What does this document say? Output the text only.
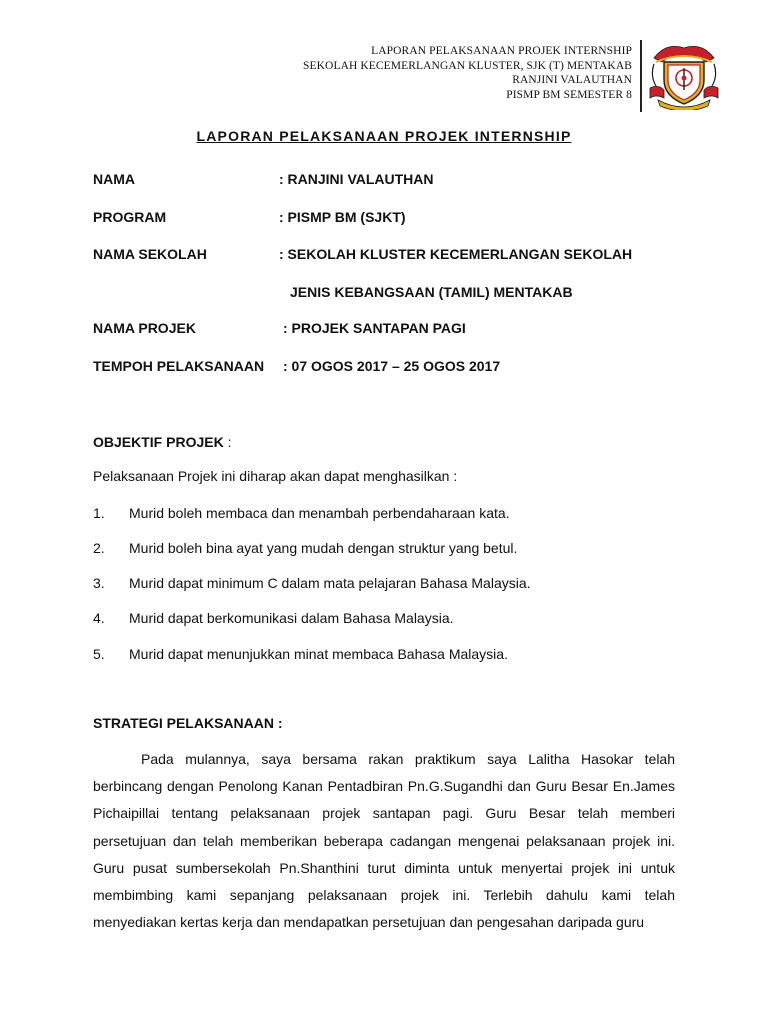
LAPORAN PELAKSANAAN PROJEK INTERNSHIP
SEKOLAH KECEMERLANGAN KLUSTER, SJK (T) MENTAKAB
RANJINI VALAUTHAN
PISMP BM SEMESTER 8
LAPORAN PELAKSANAAN PROJEK INTERNSHIP
NAMA	: RANJINI VALAUTHAN
PROGRAM	: PISMP BM (SJKT)
NAMA SEKOLAH	: SEKOLAH KLUSTER KECEMERLANGAN SEKOLAH
JENIS KEBANGSAAN (TAMIL) MENTAKAB
NAMA PROJEK	: PROJEK SANTAPAN PAGI
TEMPOH PELAKSANAAN : 07 OGOS 2017 – 25 OGOS 2017
OBJEKTIF PROJEK :
Pelaksanaan Projek ini diharap akan dapat menghasilkan :
1. Murid boleh membaca dan menambah perbendaharaan kata.
2. Murid boleh bina ayat yang mudah dengan struktur yang betul.
3. Murid dapat minimum C dalam mata pelajaran Bahasa Malaysia.
4. Murid dapat berkomunikasi dalam Bahasa Malaysia.
5. Murid dapat menunjukkan minat membaca Bahasa Malaysia.
STRATEGI PELAKSANAAN :

Pada mulannya, saya bersama rakan praktikum saya Lalitha Hasokar telah berbincang dengan Penolong Kanan Pentadbiran Pn.G.Sugandhi dan Guru Besar En.James Pichaipillai tentang pelaksanaan projek santapan pagi. Guru Besar telah memberi persetujuan dan telah memberikan beberapa cadangan mengenai pelaksanaan projek ini. Guru pusat sumbersekolah Pn.Shanthini turut diminta untuk menyertai projek ini untuk membimbing kami sepanjang pelaksanaan projek ini. Terlebih dahulu kami telah menyediakan kertas kerja dan mendapatkan persetujuan dan pengesahan daripada guru
